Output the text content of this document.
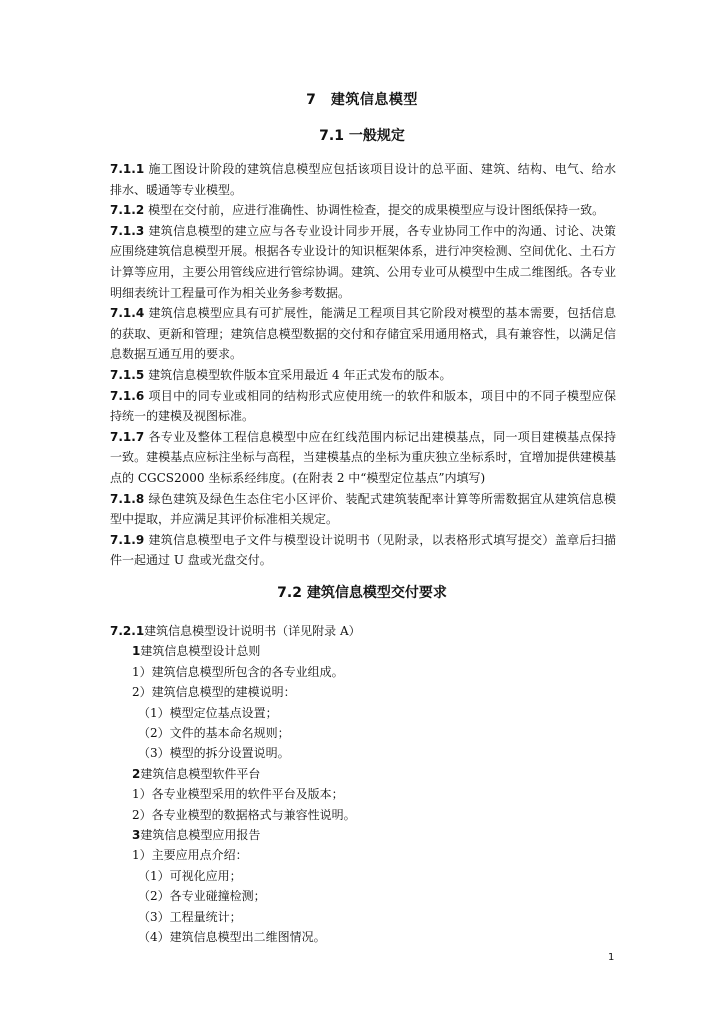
7　建筑信息模型
7.1 一般规定

7.1.1 施工图设计阶段的建筑信息模型应包括该项目设计的总平面、建筑、结构、电气、给水排水、暖通等专业模型。

7.1.2 模型在交付前，应进行准确性、协调性检查，提交的成果模型应与设计图纸保持一致。

7.1.3 建筑信息模型的建立应与各专业设计同步开展，各专业协同工作中的沟通、讨论、决策应围绕建筑信息模型开展。根据各专业设计的知识框架体系，进行冲突检测、空间优化、土石方计算等应用，主要公用管线应进行管综协调。建筑、公用专业可从模型中生成二维图纸。各专业明细表统计工程量可作为相关业务参考数据。

7.1.4 建筑信息模型应具有可扩展性，能满足工程项目其它阶段对模型的基本需要，包括信息的获取、更新和管理；建筑信息模型数据的交付和存储宜采用通用格式，具有兼容性，以满足信息数据互通互用的要求。

7.1.5 建筑信息模型软件版本宜采用最近 4 年正式发布的版本。

7.1.6 项目中的同专业或相同的结构形式应使用统一的软件和版本，项目中的不同子模型应保持统一的建模及视图标准。

7.1.7 各专业及整体工程信息模型中应在红线范围内标记出建模基点，同一项目建模基点保持一致。建模基点应标注坐标与高程，当建模基点的坐标为重庆独立坐标系时，宜增加提供建模基点的 CGCS2000 坐标系经纬度。(在附表 2 中“模型定位基点”内填写)

7.1.8 绿色建筑及绿色生态住宅小区评价、装配式建筑装配率计算等所需数据宜从建筑信息模型中提取，并应满足其评价标准相关规定。

7.1.9 建筑信息模型电子文件与模型设计说明书（见附录，以表格形式填写提交）盖章后扫描件一起通过 U 盘或光盘交付。

7.2 建筑信息模型交付要求

7.2.1建筑信息模型设计说明书（详见附录 A）

1建筑信息模型设计总则

1）建筑信息模型所包含的各专业组成。

2）建筑信息模型的建模说明：

（1）模型定位基点设置；

（2）文件的基本命名规则；

（3）模型的拆分设置说明。

2建筑信息模型软件平台

1）各专业模型采用的软件平台及版本；

2）各专业模型的数据格式与兼容性说明。

3建筑信息模型应用报告

1）主要应用点介绍：

（1）可视化应用；

（2）各专业碰撞检测；

（3）工程量统计；

（4）建筑信息模型出二维图情况。

1
